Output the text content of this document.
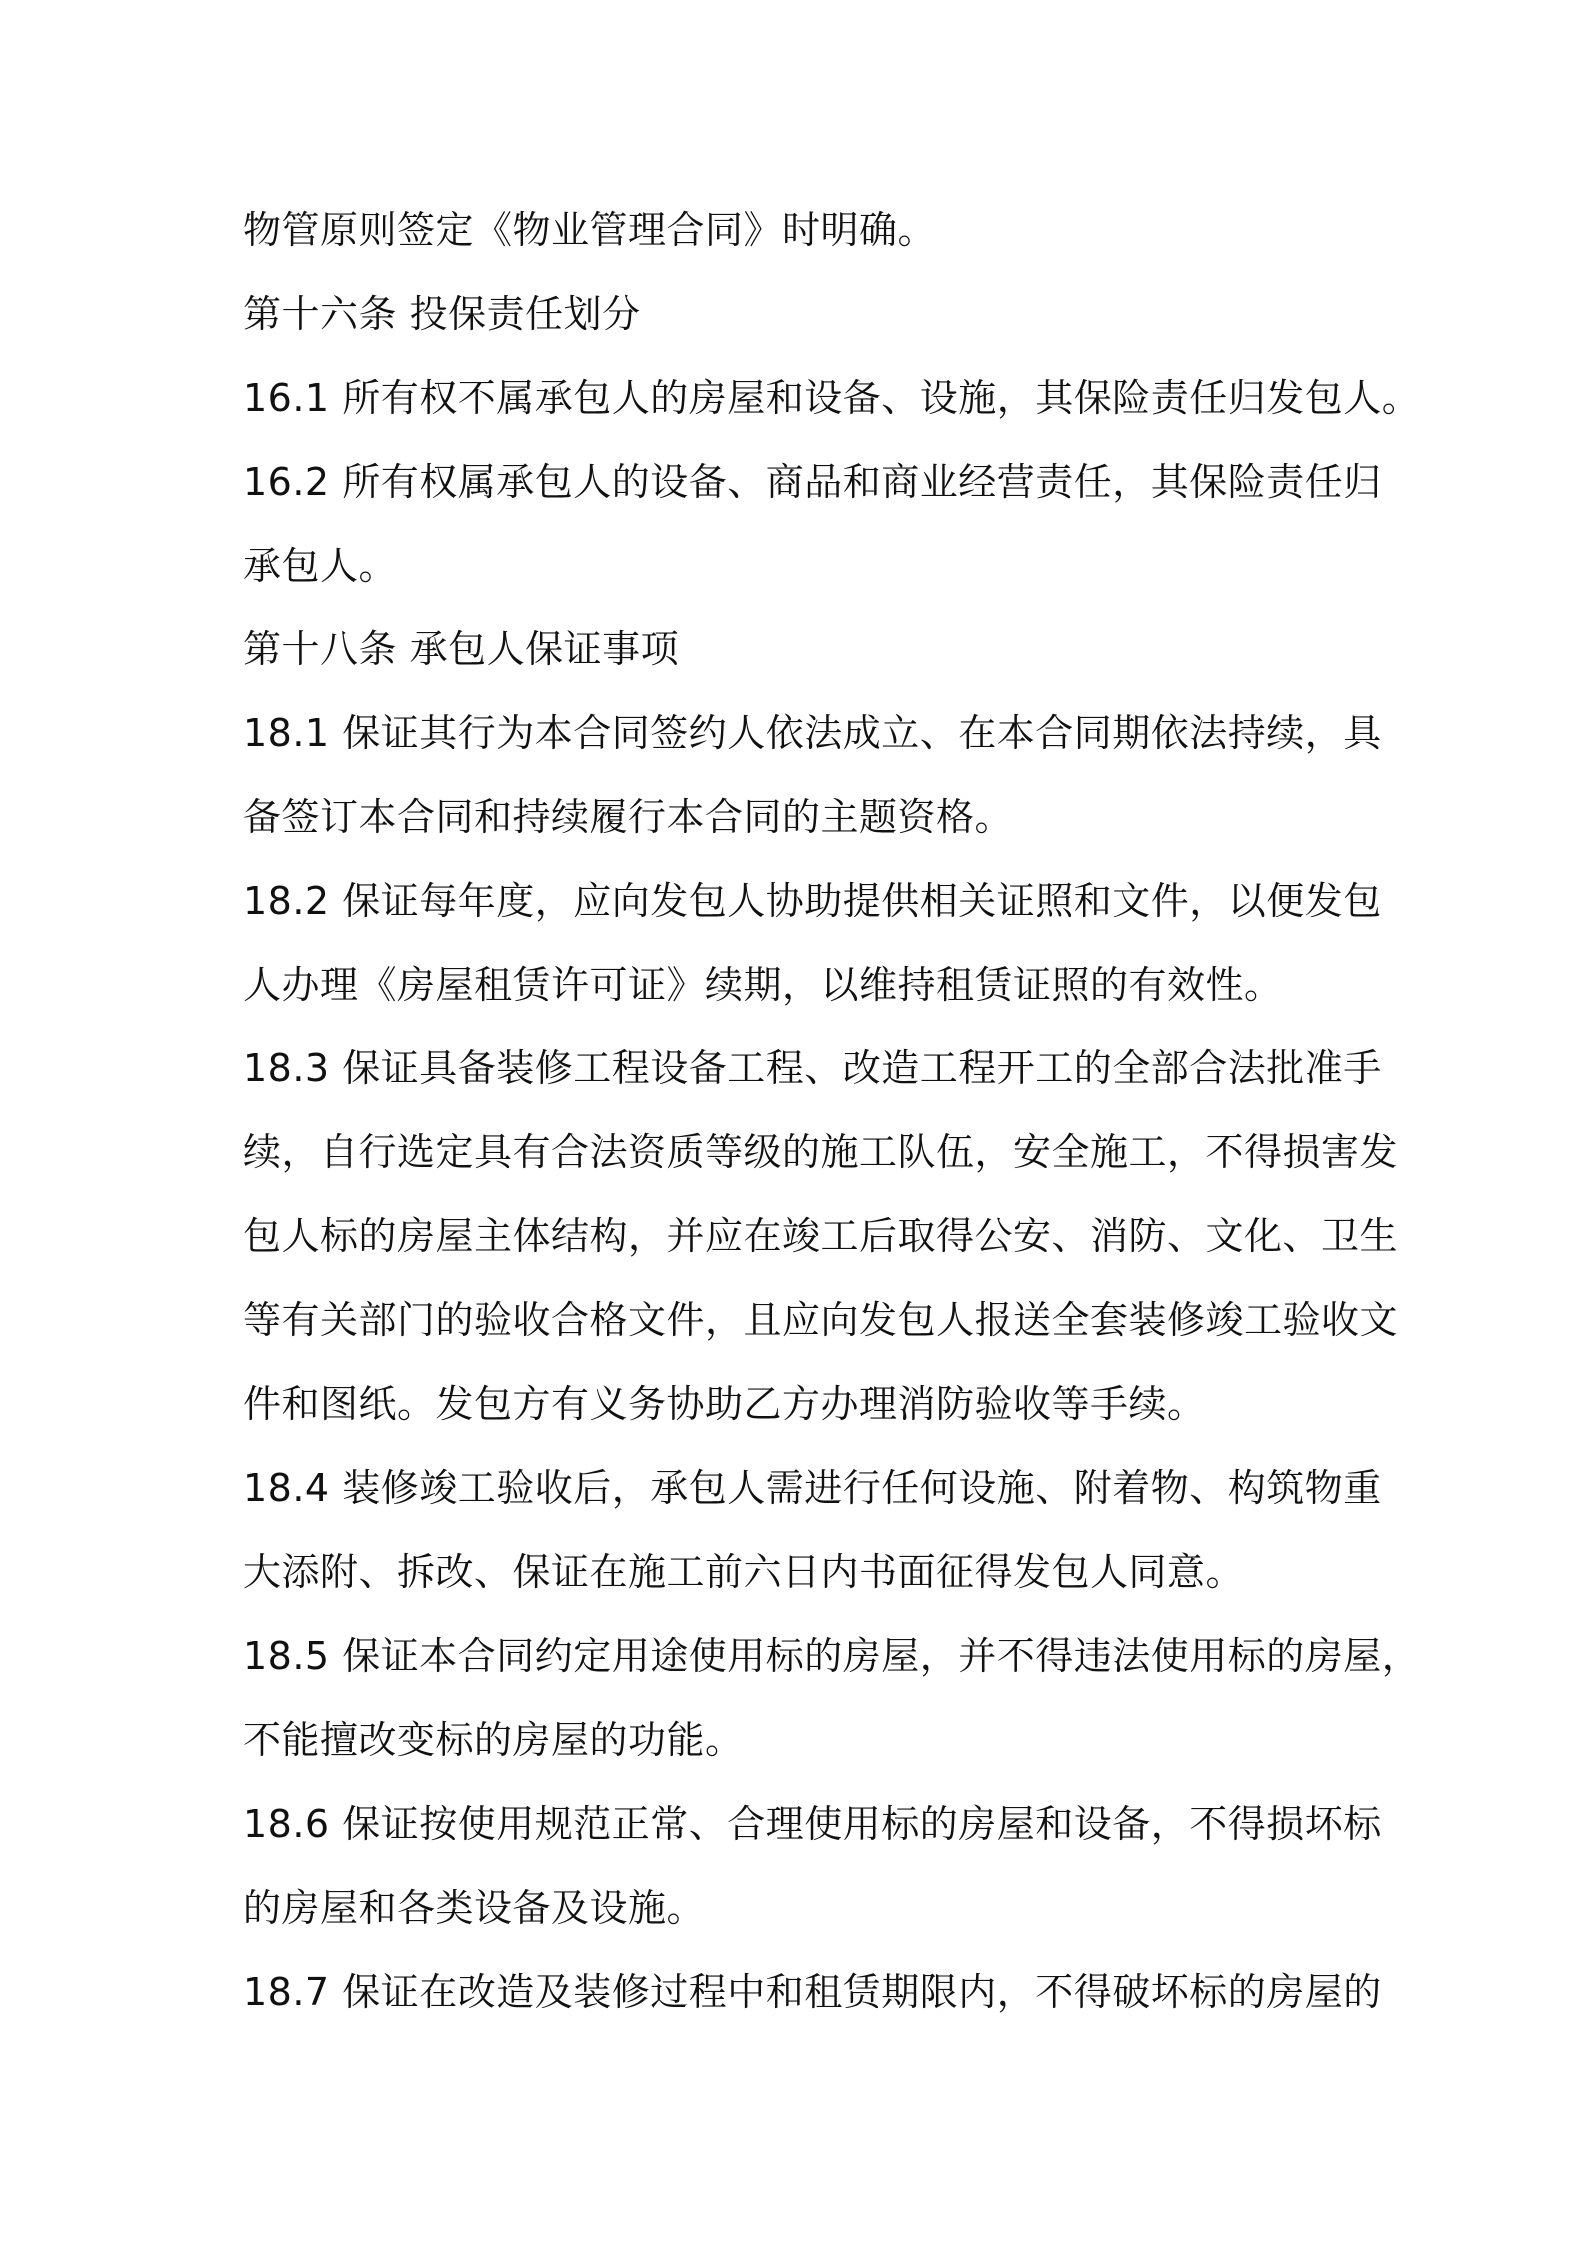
物管原则签定《物业管理合同》时明确。

第十六条 投保责任划分

16.1 所有权不属承包人的房屋和设备、设施，其保险责任归发包人。

16.2 所有权属承包人的设备、商品和商业经营责任，其保险责任归

承包人。

第十八条 承包人保证事项

18.1 保证其行为本合同签约人依法成立、在本合同期依法持续，具

备签订本合同和持续履行本合同的主题资格。

18.2 保证每年度，应向发包人协助提供相关证照和文件，以便发包

人办理《房屋租赁许可证》续期，以维持租赁证照的有效性。

18.3 保证具备装修工程设备工程、改造工程开工的全部合法批准手

续，自行选定具有合法资质等级的施工队伍，安全施工，不得损害发

包人标的房屋主体结构，并应在竣工后取得公安、消防、文化、卫生

等有关部门的验收合格文件，且应向发包人报送全套装修竣工验收文

件和图纸。发包方有义务协助乙方办理消防验收等手续。

18.4 装修竣工验收后，承包人需进行任何设施、附着物、构筑物重

大添附、拆改、保证在施工前六日内书面征得发包人同意。

18.5 保证本合同约定用途使用标的房屋，并不得违法使用标的房屋，

不能擅改变标的房屋的功能。

18.6 保证按使用规范正常、合理使用标的房屋和设备，不得损坏标

的房屋和各类设备及设施。

18.7 保证在改造及装修过程中和租赁期限内，不得破坏标的房屋的
